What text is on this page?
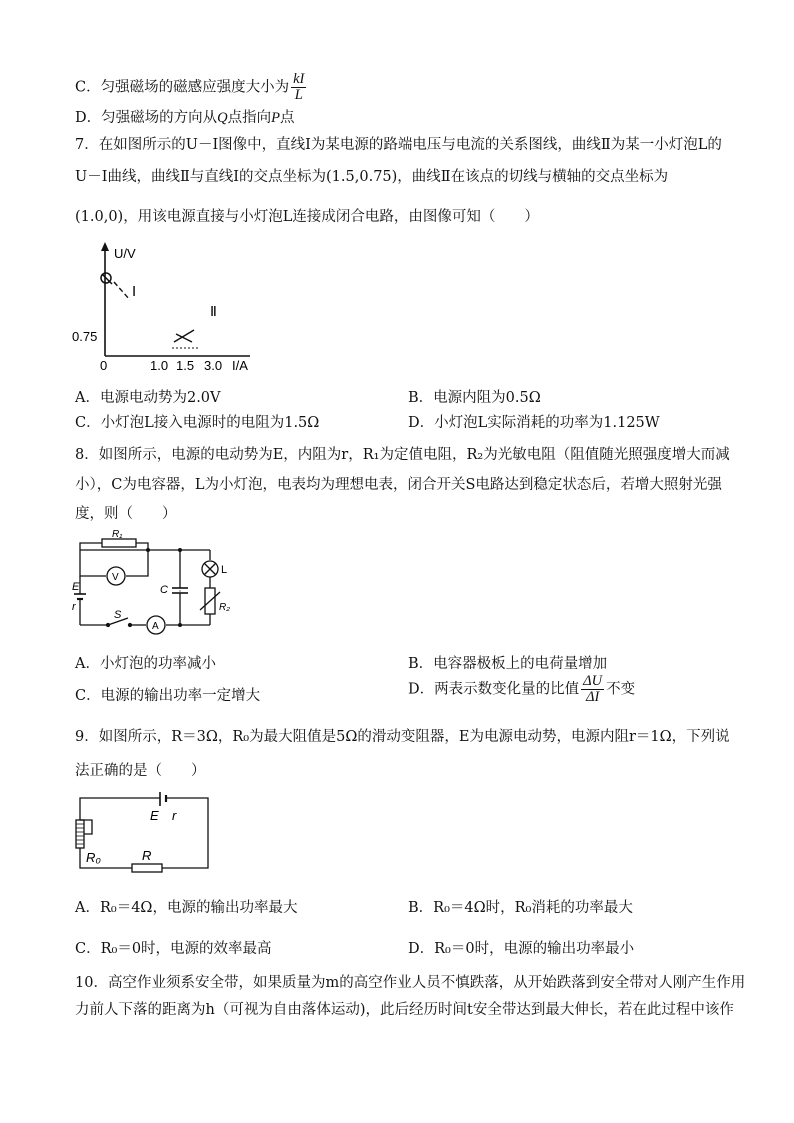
C．匀强磁场的磁感应强度大小为 $\frac{kI}{L}$
D．匀强磁场的方向从Q点指向P点
7．在如图所示的U－I图像中，直线Ⅰ为某电源的路端电压与电流的关系图线，曲线Ⅱ为某一小灯泡L的
U－I曲线，曲线Ⅱ与直线Ⅰ的交点坐标为(1.5,0.75)，曲线Ⅱ在该点的切线与横轴的交点坐标为
(1.0,0)，用该电源直接与小灯泡L连接成闭合电路，由图像可知（　　）
U/V
Ⅰ
Ⅱ
0.75
0	1.0 1.5 3.0 I/A
A．电源电动势为2.0V	B．电源内阻为0.5Ω
C．小灯泡L接入电源时的电阻为1.5Ω	D．小灯泡L实际消耗的功率为1.125W
8．如图所示，电源的电动势为E，内阻为r，R₁为定值电阻，R₂为光敏电阻（阻值随光照强度增大而减
小），C为电容器，L为小灯泡，电表均为理想电表，闭合开关S电路达到稳定状态后，若增大照射光强
度，则（　　）
R₁
V
A
C
L
R₂
E
r
S
A．小灯泡的功率减小	B．电容器极板上的电荷量增加
C．电源的输出功率一定增大	D．两表示数变化量的比值 $\frac{\Delta U}{\Delta I}$ 不变
9．如图所示，R＝3Ω，R₀为最大阻值是5Ω的滑动变阻器，E为电源电动势，电源内阻r＝1Ω，下列说
法正确的是（　　）
E r
R₀	R
A．R₀＝4Ω，电源的输出功率最大	B．R₀＝4Ω时，R₀消耗的功率最大
C．R₀＝0时，电源的效率最高	D．R₀＝0时，电源的输出功率最小
10．高空作业须系安全带，如果质量为m的高空作业人员不慎跌落，从开始跌落到安全带对人刚产生作用
力前人下落的距离为h（可视为自由落体运动)，此后经历时间t安全带达到最大伸长，若在此过程中该作
